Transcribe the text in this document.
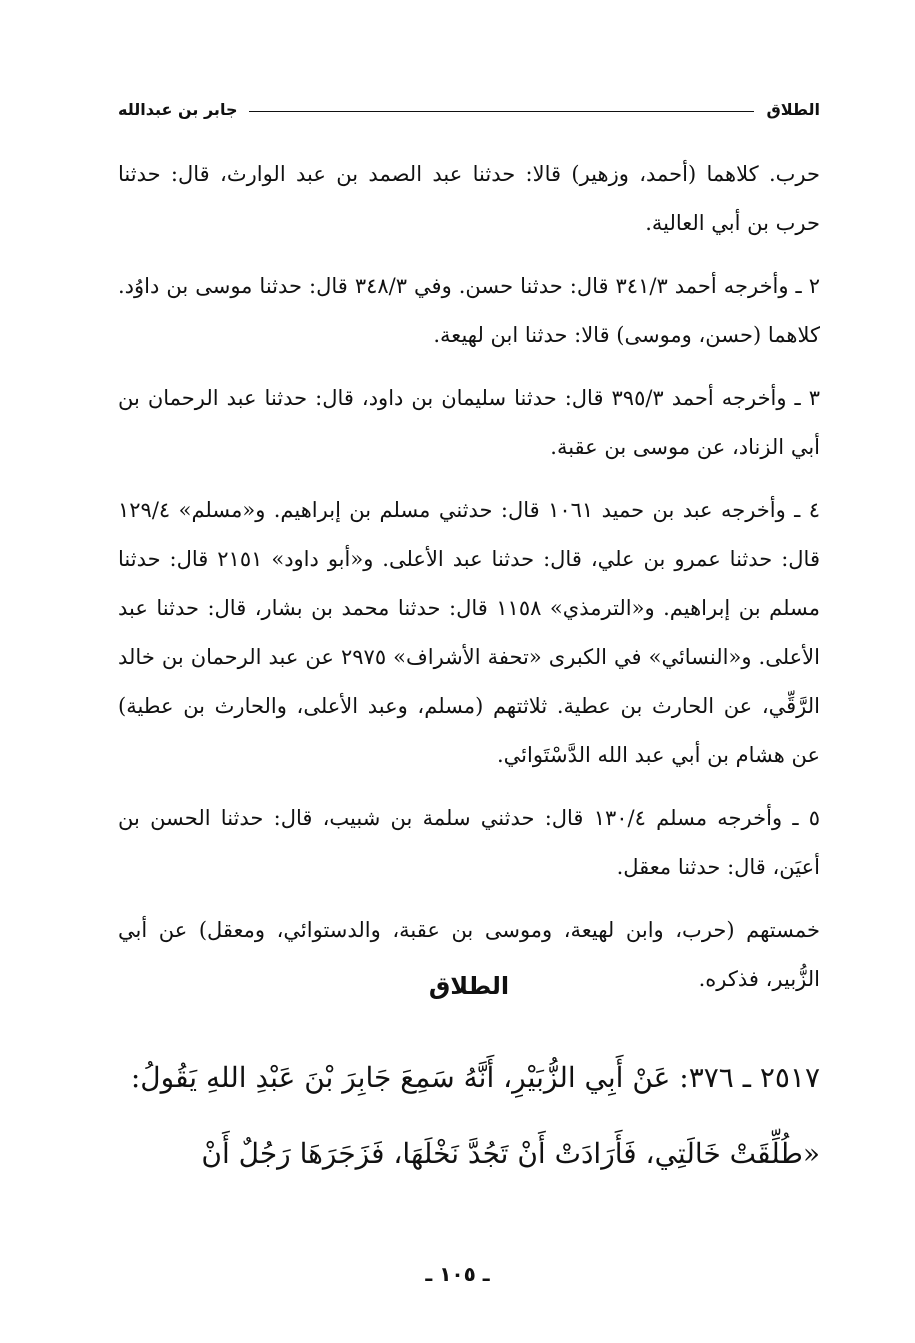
الطلاق
جابر بن عبدالله

حرب. كلاهما (أحمد، وزهير) قالا: حدثنا عبد الصمد بن عبد الوارث، قال: حدثنا حرب بن أبي العالية.

٢ ـ وأخرجه أحمد ٣٤١/٣ قال: حدثنا حسن. وفي ٣٤٨/٣ قال: حدثنا موسى بن داوُد. كلاهما (حسن، وموسى) قالا: حدثنا ابن لهيعة.

٣ ـ وأخرجه أحمد ٣٩٥/٣ قال: حدثنا سليمان بن داود، قال: حدثنا عبد الرحمان بن أبي الزناد، عن موسى بن عقبة.

٤ ـ وأخرجه عبد بن حميد ١٠٦١ قال: حدثني مسلم بن إبراهيم. و«مسلم» ١٢٩/٤ قال: حدثنا عمرو بن علي، قال: حدثنا عبد الأعلى. و«أبو داود» ٢١٥١ قال: حدثنا مسلم بن إبراهيم. و«الترمذي» ١١٥٨ قال: حدثنا محمد بن بشار، قال: حدثنا عبد الأعلى. و«النسائي» في الكبرى «تحفة الأشراف» ٢٩٧٥ عن عبد الرحمان بن خالد الرَّقِّي، عن الحارث بن عطية. ثلاثتهم (مسلم، وعبد الأعلى، والحارث بن عطية) عن هشام بن أبي عبد الله الدَّسْتَوائي.

٥ ـ وأخرجه مسلم ١٣٠/٤ قال: حدثني سلمة بن شبيب، قال: حدثنا الحسن بن أعيَن، قال: حدثنا معقل.

خمستهم (حرب، وابن لهيعة، وموسى بن عقبة، والدستوائي، ومعقل) عن أبي الزُّبير، فذكره.

الطلاق

٢٥١٧ ـ ٣٧٦: عَنْ أَبِي الزُّبَيْرِ، أَنَّهُ سَمِعَ جَابِرَ بْنَ عَبْدِ اللهِ يَقُولُ:

«طُلِّقَتْ خَالَتِي، فَأَرَادَتْ أَنْ تَجُدَّ نَخْلَهَا، فَزَجَرَهَا رَجُلٌ أَنْ

ـ ١٠٥ ـ
